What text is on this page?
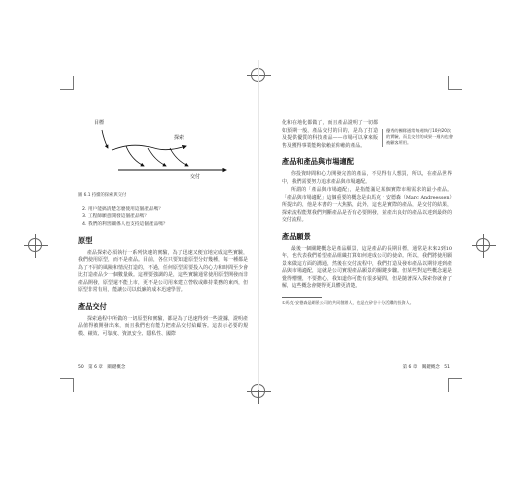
目標
探索
交付
圖 6.1 持續的探索與交付
2. 用戶能搞清楚怎麼使用這個產品嗎？
3. 工程師願意開發這個產品嗎？
4. 我們的利害關係人也支持這個產品嗎？
原型

產品探索必須執行一系列快速的實驗，為了迅速又便宜地完成這些實驗，我們使用原型，而不是產品。目前，各位只要知道原型分好幾種，每一種都是為了不同的風險和情況打造的，不過，任何原型需要投入的心力和時間至少會比打造產品少一個數量級。這裡要強調的是，這些實驗通常使用原型開發而非產品開發，原型還不能上市，更不是公司用來建立營收或維持業務的東西，但原型非常有用，能讓公司以低廉的成本迅速學習。

產品交付

探索過程中所做的一切原型和實驗，都是為了迅速得到一些證據，證明產品值得被開發出來，而且我們也有能力把產品交付給顧客。這表示必要的規模、績效、可靠度、資訊安全、隱私性、國際

化和在地化都做了，而且產品證明了一切都如預期一般，產品交付的目的，是為了打造及提供優質的科技產品——市場可以拿來販售及獲得事業能夠依賴並仰賴的產品。

產品和產品與市場適配

你投資時間和心力開發完善的產品，不見得有人想買，所以，在產品世界中，我們需要努力追求產品與市場適配。

所謂的「產品與市場適配」，是指能滿足某個實際市場需求的最小產品。「產品與市場適配」這個重要的概念是由馬克‧安德森（Marc Andreessen）所提出的，他是本書的一大焦點，此外，這也是實際的產品，是交付的結果，探索流程能幫我們判斷產品是否有必要開發，並產出良好的產品以達到最終的交付流程。

產品願景

最後一個關鍵概念是產品願景，這是產品的長期目標，通常是未來2到10年，也代表我們希望產品組織打算如何達成公司的使命。所以，我們將使用願景來做這方面的溝通，然後在交付流程中，我們打造及發布產品以期待達到產品與市場適配，這就是公司實現產品願景的關鍵步驟。但某些對這些概念還是覺得懵懂，不要擔心，我知道你可能有很多疑問，但是隨著深入探索你就會了解，這些概念會變得更具體更清楚。

①馬克‧安德森是網景公司的共同創辦人，也是在矽谷十分活躍的投資人。
優秀的團隊通常每週執行10到20次的實驗，而且交付的成果一週內也會被顧客所用。
50 第 6 章　關鍵概念	第 6 章　關鍵概念 51
